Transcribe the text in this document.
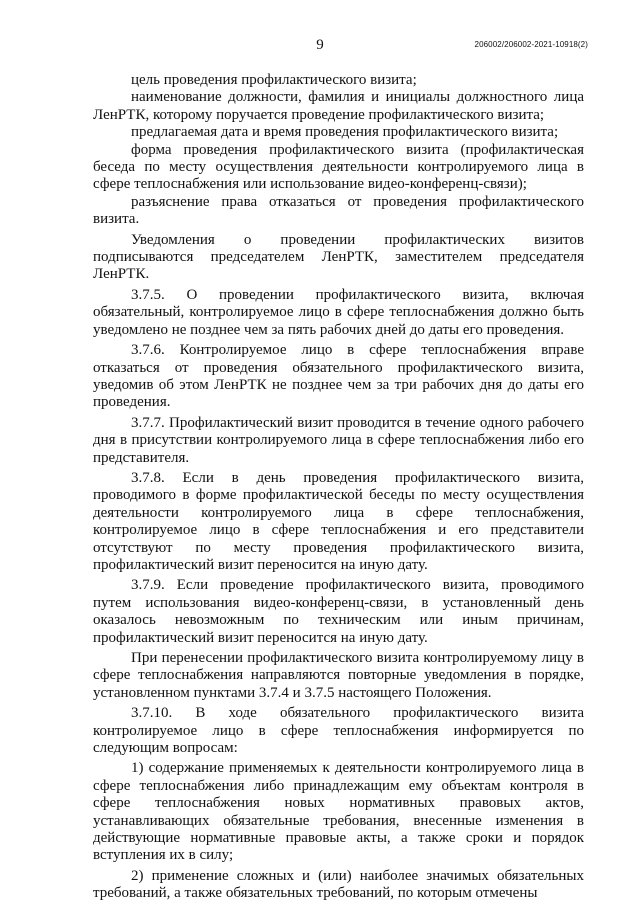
9	206002/206002-2021-10918(2)

цель проведения профилактического визита;

наименование должности, фамилия и инициалы должностного лица ЛенРТК, которому поручается проведение профилактического визита;

предлагаемая дата и время проведения профилактического визита;

форма проведения профилактического визита (профилактическая беседа по месту осуществления деятельности контролируемого лица в сфере теплоснабжения или использование видео-конференц-связи);

разъяснение права отказаться от проведения профилактического визита.

Уведомления о проведении профилактических визитов подписываются председателем ЛенРТК, заместителем председателя ЛенРТК.

3.7.5. О проведении профилактического визита, включая обязательный, контролируемое лицо в сфере теплоснабжения должно быть уведомлено не позднее чем за пять рабочих дней до даты его проведения.

3.7.6. Контролируемое лицо в сфере теплоснабжения вправе отказаться от проведения обязательного профилактического визита, уведомив об этом ЛенРТК не позднее чем за три рабочих дня до даты его проведения.

3.7.7. Профилактический визит проводится в течение одного рабочего дня в присутствии контролируемого лица в сфере теплоснабжения либо его представителя.

3.7.8. Если в день проведения профилактического визита, проводимого в форме профилактической беседы по месту осуществления деятельности контролируемого лица в сфере теплоснабжения, контролируемое лицо в сфере теплоснабжения и его представители отсутствуют по месту проведения профилактического визита, профилактический визит переносится на иную дату.

3.7.9. Если проведение профилактического визита, проводимого путем использования видео-конференц-связи, в установленный день оказалось невозможным по техническим или иным причинам, профилактический визит переносится на иную дату.

При перенесении профилактического визита контролируемому лицу в сфере теплоснабжения направляются повторные уведомления в порядке, установленном пунктами 3.7.4 и 3.7.5 настоящего Положения.

3.7.10. В ходе обязательного профилактического визита контролируемое лицо в сфере теплоснабжения информируется по следующим вопросам:

1) содержание применяемых к деятельности контролируемого лица в сфере теплоснабжения либо принадлежащим ему объектам контроля в сфере теплоснабжения новых нормативных правовых актов, устанавливающих обязательные требования, внесенные изменения в действующие нормативные правовые акты, а также сроки и порядок вступления их в силу;

2) применение сложных и (или) наиболее значимых обязательных требований, а также обязательных требований, по которым отмечены
